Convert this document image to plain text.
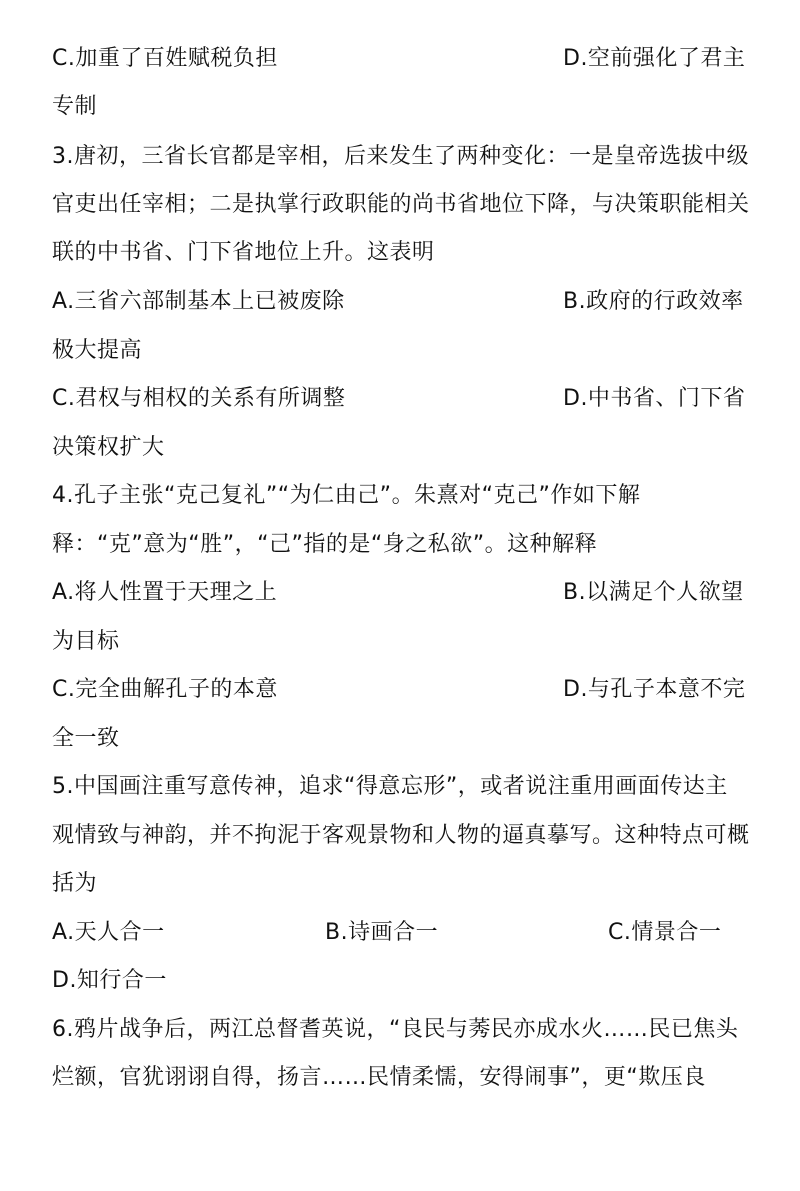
C.加重了百姓赋税负担	D.空前强化了君主
专制
3.唐初，三省长官都是宰相，后来发生了两种变化：一是皇帝选拔中级
官吏出任宰相；二是执掌行政职能的尚书省地位下降，与决策职能相关
联的中书省、门下省地位上升。这表明
A.三省六部制基本上已被废除	B.政府的行政效率
极大提高
C.君权与相权的关系有所调整	D.中书省、门下省
决策权扩大
4.孔子主张“克己复礼”“为仁由己”。朱熹对“克己”作如下解
释：“克”意为“胜”，“己”指的是“身之私欲”。这种解释
A.将人性置于天理之上	B.以满足个人欲望
为目标
C.完全曲解孔子的本意	D.与孔子本意不完
全一致
5.中国画注重写意传神，追求“得意忘形”，或者说注重用画面传达主
观情致与神韵，并不拘泥于客观景物和人物的逼真摹写。这种特点可概
括为
A.天人合一	B.诗画合一	C.情景合一
D.知行合一
6.鸦片战争后，两江总督耆英说，“良民与莠民亦成水火……民已焦头
烂额，官犹诩诩自得，扬言……民情柔懦，安得闹事”，更“欺压良
